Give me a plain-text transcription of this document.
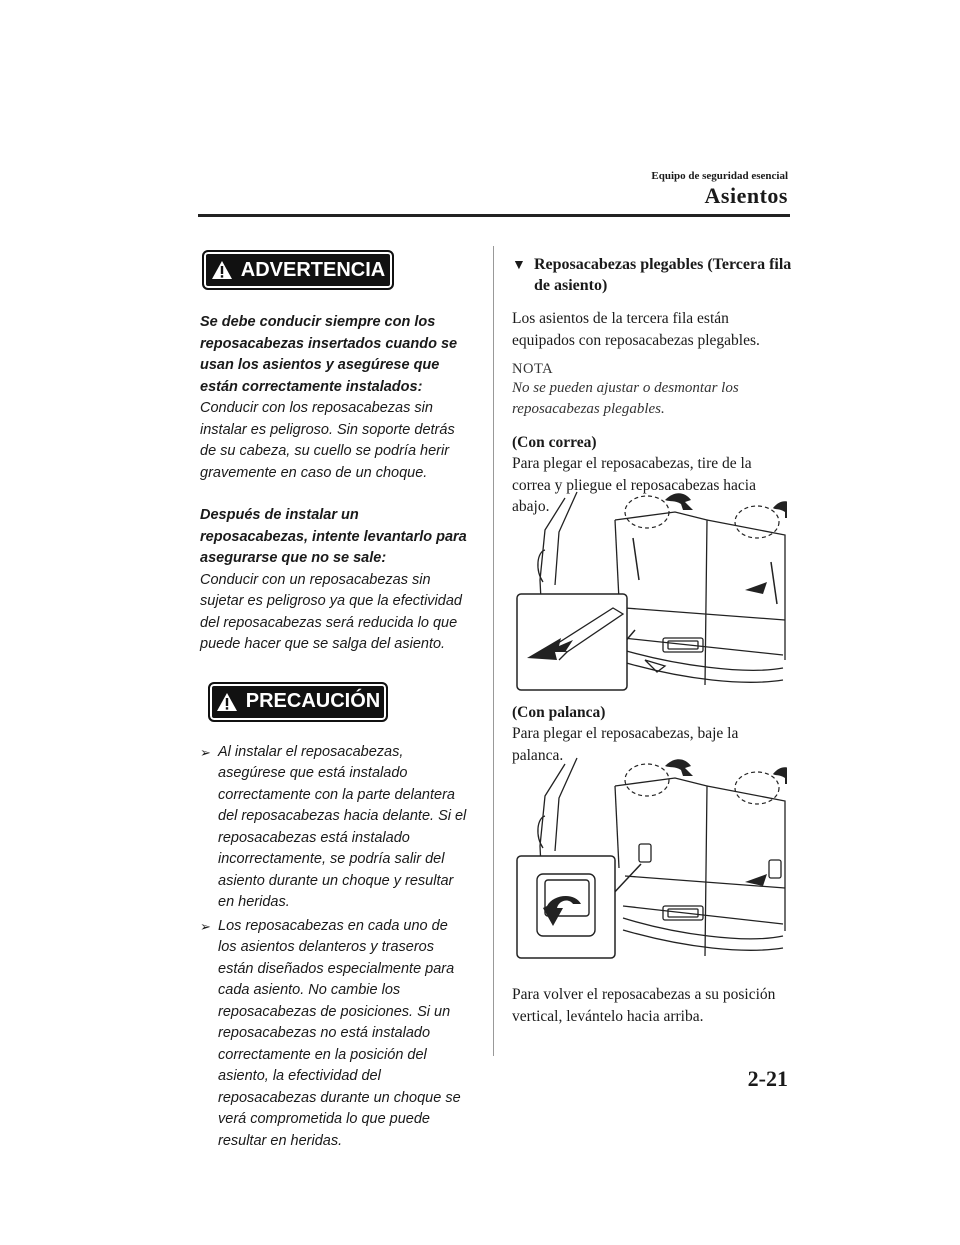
Equipo de seguridad esencial
Asientos
ADVERTENCIA

Se debe conducir siempre con los reposacabezas insertados cuando se usan los asientos y asegúrese que están correctamente instalados:
Conducir con los reposacabezas sin instalar es peligroso. Sin soporte detrás de su cabeza, su cuello se podría herir gravemente en caso de un choque.

Después de instalar un reposacabezas, intente levantarlo para asegurarse que no se sale:
Conducir con un reposacabezas sin sujetar es peligroso ya que la efectividad del reposacabezas será reducida lo que puede hacer que se salga del asiento.

PRECAUCIÓN
➢ Al instalar el reposacabezas, asegúrese que está instalado correctamente con la parte delantera del reposacabezas hacia delante. Si el reposacabezas está instalado incorrectamente, se podría salir del asiento durante un choque y resultar en heridas.
➢ Los reposacabezas en cada uno de los asientos delanteros y traseros están diseñados especialmente para cada asiento. No cambie los reposacabezas de posiciones. Si un reposacabezas no está instalado correctamente en la posición del asiento, la efectividad del reposacabezas durante un choque se verá comprometida lo que puede resultar en heridas.
▼ Reposacabezas plegables (Tercera fila de asiento)

Los asientos de la tercera fila están equipados con reposacabezas plegables.

NOTA

No se pueden ajustar o desmontar los reposacabezas plegables.

(Con correa)

Para plegar el reposacabezas, tire de la correa y pliegue el reposacabezas hacia abajo.

(Con palanca)

Para plegar el reposacabezas, baje la palanca.

Para volver el reposacabezas a su posición vertical, levántelo hacia arriba.

2-21
